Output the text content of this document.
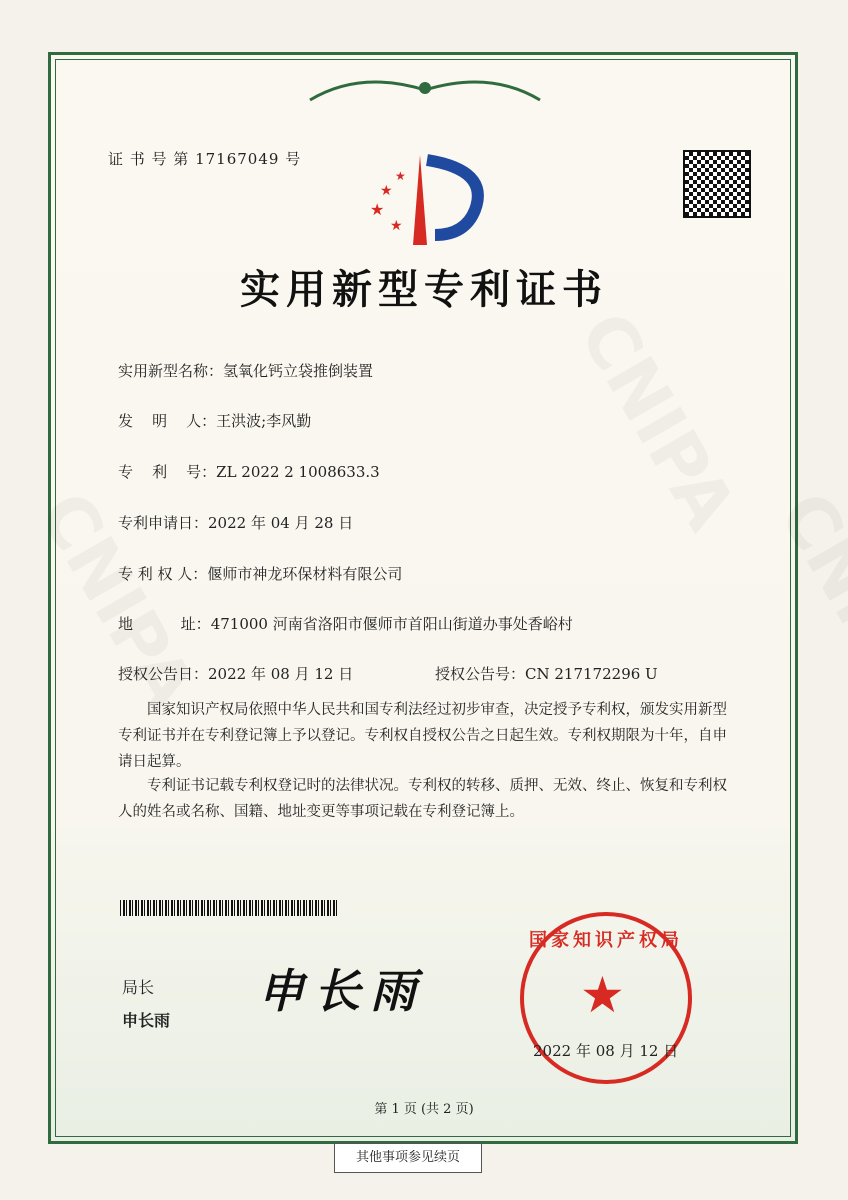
证 书 号 第 17167049 号
★
★
★
★
实用新型专利证书
实用新型名称：氢氧化钙立袋推倒装置
发    明    人：王洪波;李风勤
专    利    号：ZL 2022 2 1008633.3
专利申请日：2022 年 04 月 28 日
专 利 权 人：偃师市神龙环保材料有限公司
地          址：471000 河南省洛阳市偃师市首阳山街道办事处香峪村
授权公告日：2022 年 08 月 12 日	授权公告号：CN 217172296 U
国家知识产权局依照中华人民共和国专利法经过初步审查，决定授予专利权，颁发实用新型专利证书并在专利登记簿上予以登记。专利权自授权公告之日起生效。专利权期限为十年，自申请日起算。
专利证书记载专利权登记时的法律状况。专利权的转移、质押、无效、终止、恢复和专利权人的姓名或名称、国籍、地址变更等事项记载在专利登记簿上。
局长
申长雨
申长雨
国家知识产权局
★
2022 年 08 月 12 日
第 1 页 (共 2 页)
其他事项参见续页
